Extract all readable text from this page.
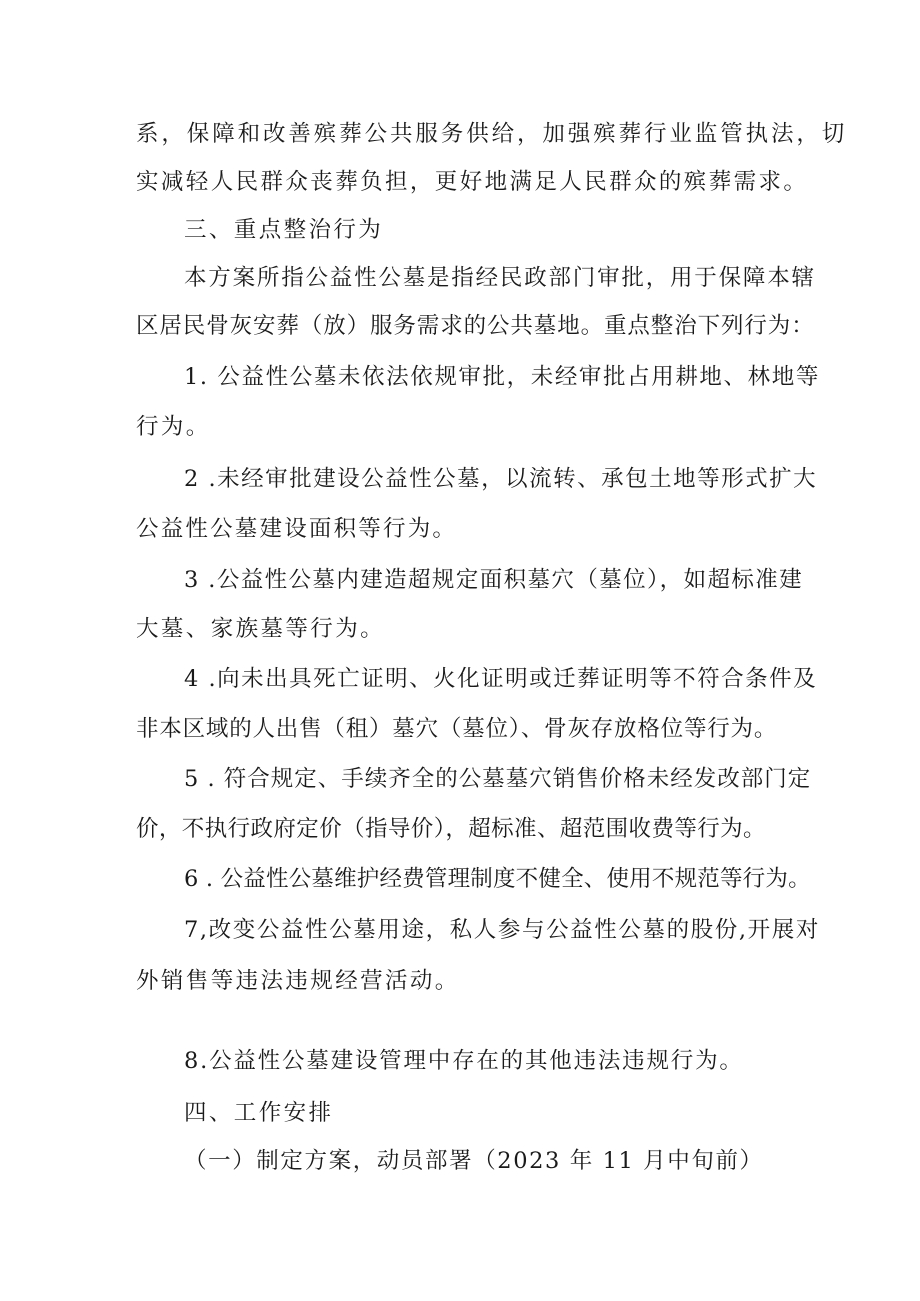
系，保障和改善殡葬公共服务供给，加强殡葬行业监管执法，切
实减轻人民群众丧葬负担，更好地满足人民群众的殡葬需求。
三、重点整治行为
本方案所指公益性公墓是指经民政部门审批，用于保障本辖
区居民骨灰安葬（放）服务需求的公共墓地。重点整治下列行为：
1. 公益性公墓未依法依规审批，未经审批占用耕地、林地等
行为。
2 .未经审批建设公益性公墓，以流转、承包土地等形式扩大
公益性公墓建设面积等行为。
3 .公益性公墓内建造超规定面积墓穴（墓位），如超标准建
大墓、家族墓等行为。
4 .向未出具死亡证明、火化证明或迁葬证明等不符合条件及
非本区域的人出售（租）墓穴（墓位）、骨灰存放格位等行为。
5 . 符合规定、手续齐全的公墓墓穴销售价格未经发改部门定
价，不执行政府定价（指导价），超标准、超范围收费等行为。
6 . 公益性公墓维护经费管理制度不健全、使用不规范等行为。
7,改变公益性公墓用途，私人参与公益性公墓的股份,开展对
外销售等违法违规经营活动。
8.公益性公墓建设管理中存在的其他违法违规行为。
四、工作安排
（一）制定方案，动员部署（2023 年 11 月中旬前）
